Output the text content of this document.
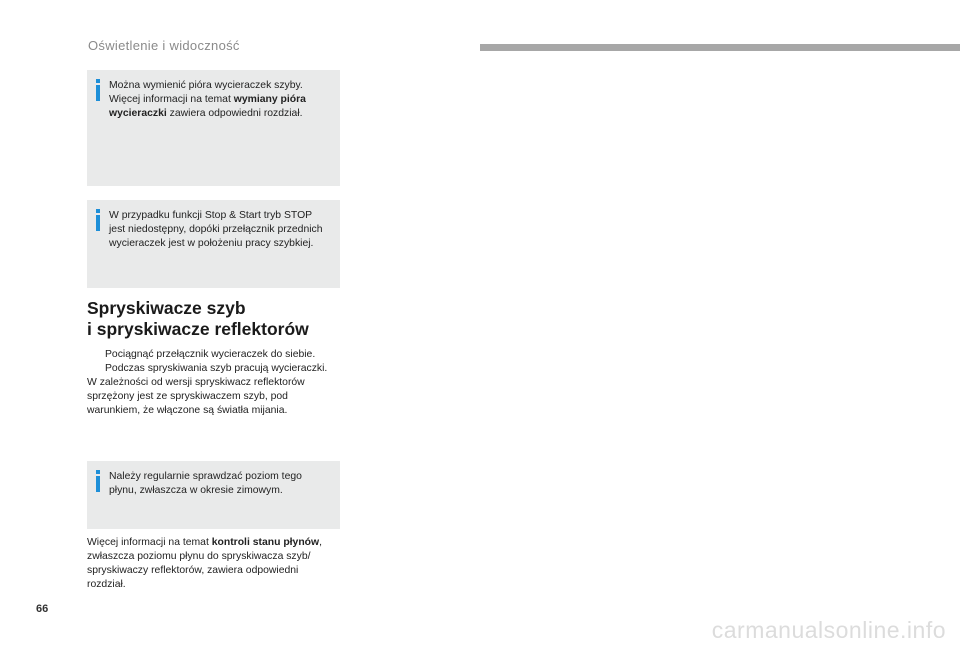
Oświetlenie i widoczność
Można wymienić pióra wycieraczek szyby.
Więcej informacji na temat wymiany pióra
wycieraczki zawiera odpowiedni rozdział.
W przypadku funkcji Stop & Start tryb STOP
jest niedostępny, dopóki przełącznik przednich
wycieraczek jest w położeniu pracy szybkiej.
Spryskiwacze szyb
i spryskiwacze reflektorów
Pociągnąć przełącznik wycieraczek do siebie.
Podczas spryskiwania szyb pracują wycieraczki.
W zależności od wersji spryskiwacz reflektorów
sprzężony jest ze spryskiwaczem szyb, pod
warunkiem, że włączone są światła mijania.
Należy regularnie sprawdzać poziom tego
płynu, zwłaszcza w okresie zimowym.
Więcej informacji na temat kontroli stanu płynów,
zwłaszcza poziomu płynu do spryskiwacza szyb/
spryskiwaczy reflektorów, zawiera odpowiedni
rozdział.
66
carmanualsonline.info
